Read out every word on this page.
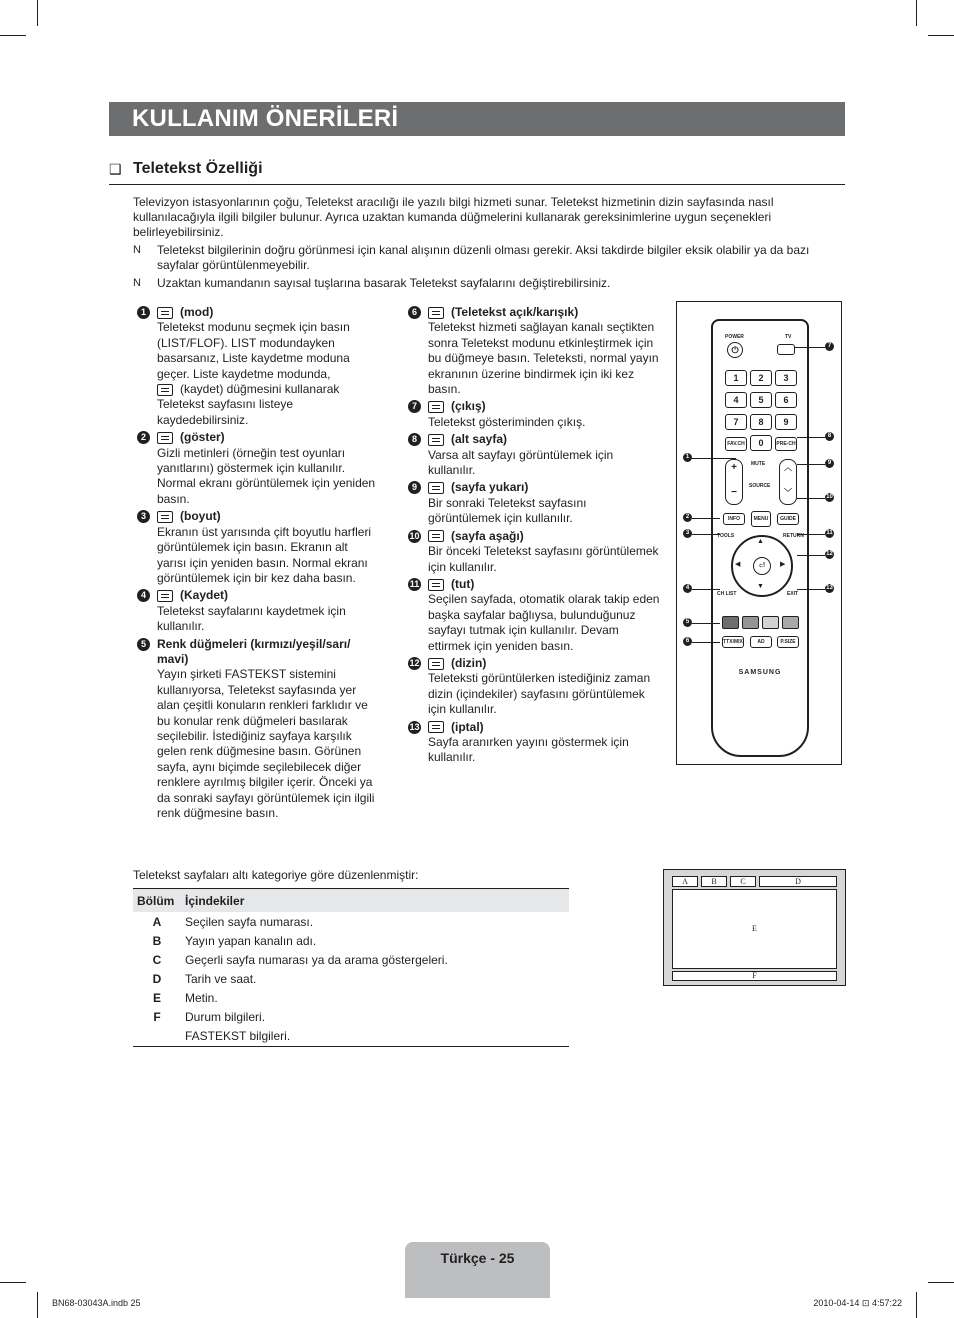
KULLANIM ÖNERİLERİ
❑ Teletekst Özelliği

Televizyon istasyonlarının çoğu, Teletekst aracılığı ile yazılı bilgi hizmeti sunar. Teletekst hizmetinin dizin sayfasında nasıl kullanılacağıyla ilgili bilgiler bulunur. Ayrıca uzaktan kumanda düğmelerini kullanarak gereksinimlerine uygun seçenekleri belirleyebilirsiniz.

N Teletekst bilgilerinin doğru görünmesi için kanal alışının düzenli olması gerekir. Aksi takdirde bilgiler eksik olabilir ya da bazı sayfalar görüntülenmeyebilir.
N Uzaktan kumandanın sayısal tuşlarına basarak Teletekst sayfalarını değiştirebilirsiniz.
1	(mod)
Teletekst modunu seçmek için basın (LIST/FLOF). LIST modundayken basarsanız, Liste kaydetme moduna geçer. Liste kaydetme modunda,
(kaydet) düğmesini kullanarak Teletekst sayfasını listeye kaydedebilirsiniz.
2	(göster)
Gizli metinleri (örneğin test oyunları yanıtlarını) göstermek için kullanılır. Normal ekranı görüntülemek için yeniden basın.
3	(boyut)
Ekranın üst yarısında çift boyutlu harfleri görüntülemek için basın. Ekranın alt yarısı için yeniden basın. Normal ekranı görüntülemek için bir kez daha basın.
4	(Kaydet)
Teletekst sayfalarını kaydetmek için kullanılır.
5 Renk düğmeleri (kırmızı/yeşil/sarı/ mavi)
Yayın şirketi FASTEKST sistemini kullanıyorsa, Teletekst sayfasında yer alan çeşitli konuların renkleri farklıdır ve bu konular renk düğmeleri basılarak seçilebilir. İstediğiniz sayfaya karşılık gelen renk düğmesine basın. Görünen sayfa, aynı biçimde seçilebilecek diğer renklere ayrılmış bilgiler içerir. Önceki ya da sonraki sayfayı görüntülemek için ilgili renk düğmesine basın.
6	(Teletekst açık/karışık)
Teletekst hizmeti sağlayan kanalı seçtikten sonra Teletekst modunu etkinleştirmek için bu düğmeye basın. Teleteksti, normal yayın ekranının üzerine bindirmek için iki kez basın.
7	(çıkış)
Teletekst gösteriminden çıkış.
8	(alt sayfa)
Varsa alt sayfayı görüntülemek için kullanılır.
9	(sayfa yukarı)
Bir sonraki Teletekst sayfasını görüntülemek için kullanılır.
10	(sayfa aşağı)
Bir önceki Teletekst sayfasını görüntülemek için kullanılır.
11	(tut)
Seçilen sayfada, otomatik olarak takip eden başka sayfalar bağlıysa, bulunduğunuz sayfayı tutmak için kullanılır. Devam ettirmek için yeniden basın.
12	(dizin)
Teleteksti görüntülerken istediğiniz zaman dizin (içindekiler) sayfasını görüntülemek için kullanılır.
13	(iptal)
Sayfa aranırken yayını göstermek için kullanılır.
POWER
⏻
TV
1	2	3
4	5	6
7	8	9
FAV.CH	0	PRE-CH
+
−
MUTE
SOURCE
︿
﹀
INFO	MENU	GUIDE
⏎
▲
▼
◀	▶
TOOLS	RETURN
CH LIST	EXIT
TTX/MIX	AD	P.SIZE
SAMSUNG
1
2
3
4
5
6
7
8
9
10
11
12
13
Teletekst sayfaları altı kategoriye göre düzenlenmiştir:
Bölüm	İçindekiler
A	Seçilen sayfa numarası.
B	Yayın yapan kanalın adı.
C	Geçerli sayfa numarası ya da arama göstergeleri.
D	Tarih ve saat.
E	Metin.
F	Durum bilgileri.
	FASTEKST bilgileri.
A	B	C	D
E
F
Türkçe - 25
BN68-03043A.indb 25	2010-04-14 ⊡ 4:57:22
